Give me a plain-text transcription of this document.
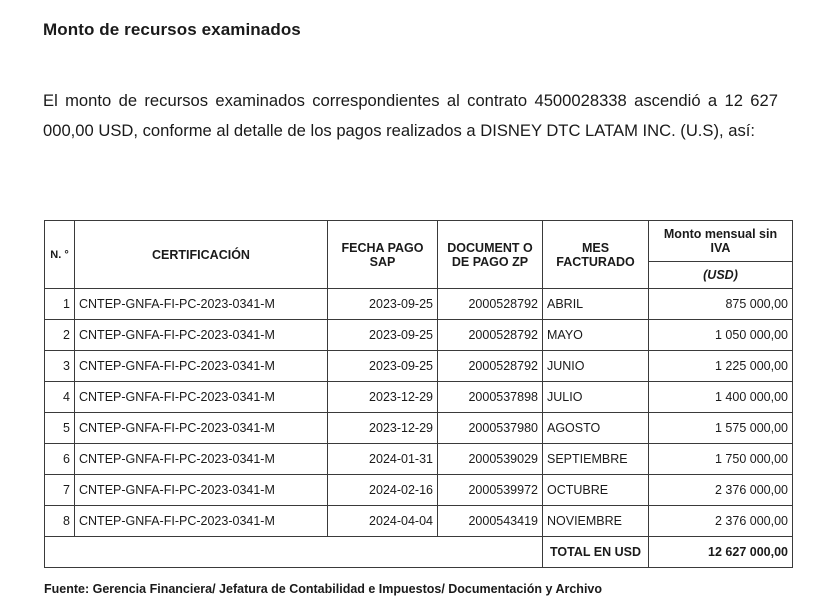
Monto de recursos examinados
El monto de recursos examinados correspondientes al contrato 4500028338 ascendió a 12 627 000,00 USD, conforme al detalle de los pagos realizados a DISNEY DTC LATAM INC. (U.S), así:
N. °	CERTIFICACIÓN	FECHA PAGO SAP	DOCUMENT O DE PAGO ZP	MES FACTURADO	Monto mensual sin IVA
					(USD)
1	CNTEP-GNFA-FI-PC-2023-0341-M	2023-09-25	2000528792	ABRIL	875 000,00
2	CNTEP-GNFA-FI-PC-2023-0341-M	2023-09-25	2000528792	MAYO	1 050 000,00
3	CNTEP-GNFA-FI-PC-2023-0341-M	2023-09-25	2000528792	JUNIO	1 225 000,00
4	CNTEP-GNFA-FI-PC-2023-0341-M	2023-12-29	2000537898	JULIO	1 400 000,00
5	CNTEP-GNFA-FI-PC-2023-0341-M	2023-12-29	2000537980	AGOSTO	1 575 000,00
6	CNTEP-GNFA-FI-PC-2023-0341-M	2024-01-31	2000539029	SEPTIEMBRE	1 750 000,00
7	CNTEP-GNFA-FI-PC-2023-0341-M	2024-02-16	2000539972	OCTUBRE	2 376 000,00
8	CNTEP-GNFA-FI-PC-2023-0341-M	2024-04-04	2000543419	NOVIEMBRE	2 376 000,00
				TOTAL EN USD	12 627 000,00
Fuente: Gerencia Financiera/ Jefatura de Contabilidad e Impuestos/ Documentación y Archivo
